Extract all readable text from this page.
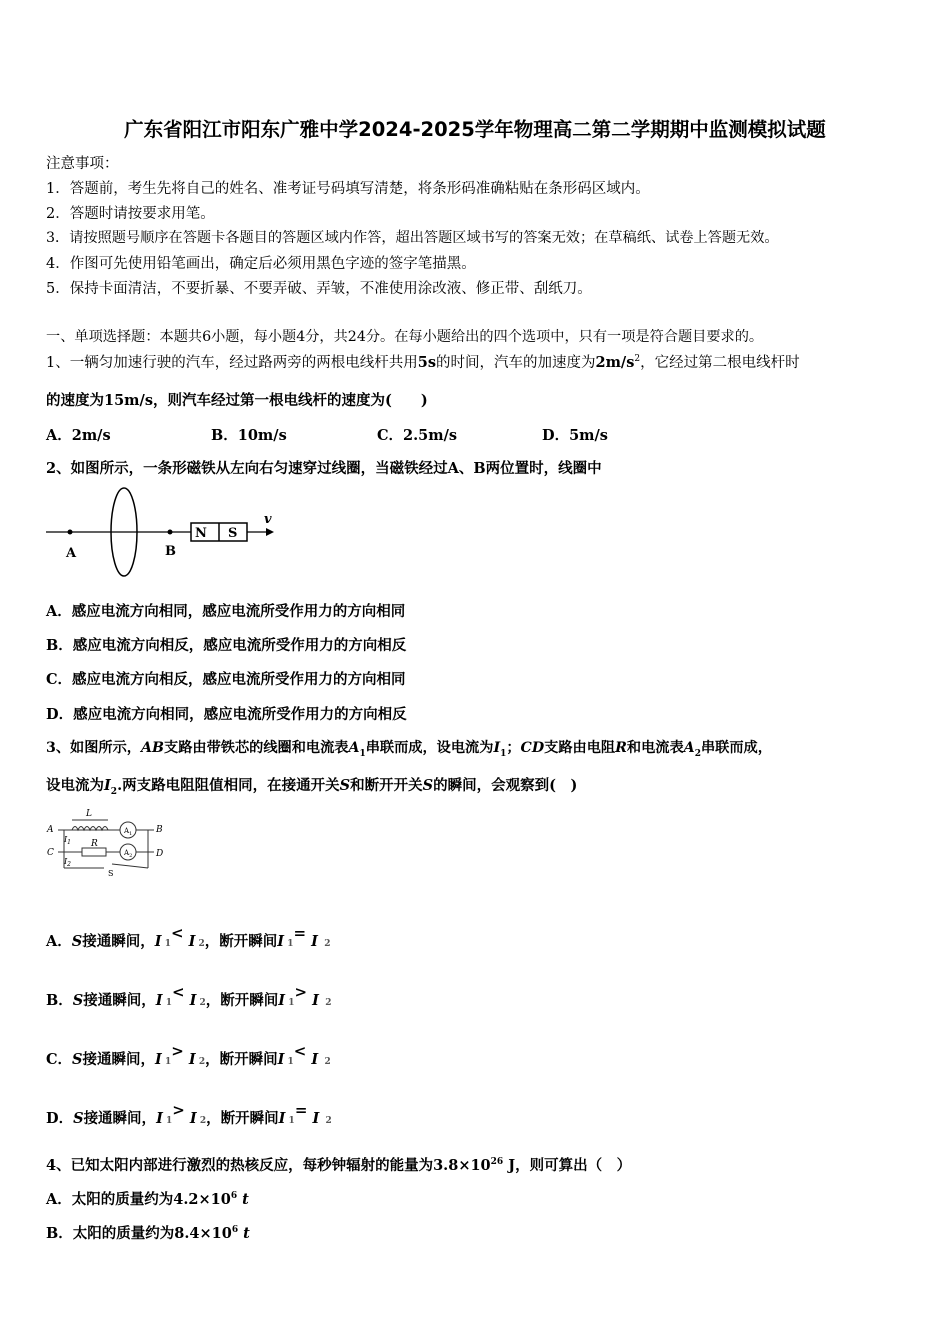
广东省阳江市阳东广雅中学2024-2025学年物理高二第二学期期中监测模拟试题
注意事项：
1．答题前，考生先将自己的姓名、准考证号码填写清楚，将条形码准确粘贴在条形码区域内。
2．答题时请按要求用笔。
3．请按照题号顺序在答题卡各题目的答题区域内作答，超出答题区域书写的答案无效；在草稿纸、试卷上答题无效。
4．作图可先使用铅笔画出，确定后必须用黑色字迹的签字笔描黑。
5．保持卡面清洁，不要折暴、不要弄破、弄皱，不准使用涂改液、修正带、刮纸刀。
一、单项选择题：本题共6小题，每小题4分，共24分。在每小题给出的四个选项中，只有一项是符合题目要求的。
1、一辆匀加速行驶的汽车，经过路两旁的两根电线杆共用5s的时间，汽车的加速度为$2m/s^2$，它经过第二根电线杆时
的速度为15m/s，则汽车经过第一根电线杆的速度为(　　)
A．2m/s	B．10m/s	C．2.5m/s	D．5m/s
2、如图所示，一条形磁铁从左向右匀速穿过线圈，当磁铁经过A、B两位置时，线圈中
A	B
N S
v
A．感应电流方向相同，感应电流所受作用力的方向相同
B．感应电流方向相反，感应电流所受作用力的方向相反
C．感应电流方向相反，感应电流所受作用力的方向相同
D．感应电流方向相同，感应电流所受作用力的方向相反
3、如图所示，AB支路由带铁芯的线圈和电流表$A_1$串联而成，设电流为$I_1$；CD支路由电阻R和电流表$A_2$串联而成，
设电流为$I_2$.两支路电阻阻值相同，在接通开关S和断开开关S的瞬间，会观察到(　)
A	B
C	D
L
R
$I_1$
$I_2$
S
$A_1$
$A_2$
A．S接通瞬间，I 1< I 2，断开瞬间I 1= I 2
B．S接通瞬间，I 1< I 2，断开瞬间I 1> I 2
C．S接通瞬间，I 1> I 2，断开瞬间I 1< I 2
D．S接通瞬间，I 1> I 2，断开瞬间I 1= I 2
4、已知太阳内部进行激烈的热核反应，每秒钟辐射的能量为$3.8\times 10^{26}$ J，则可算出（　）
A．太阳的质量约为$4.2\times 10^6$ t
B．太阳的质量约为$8.4\times 10^6$ t
